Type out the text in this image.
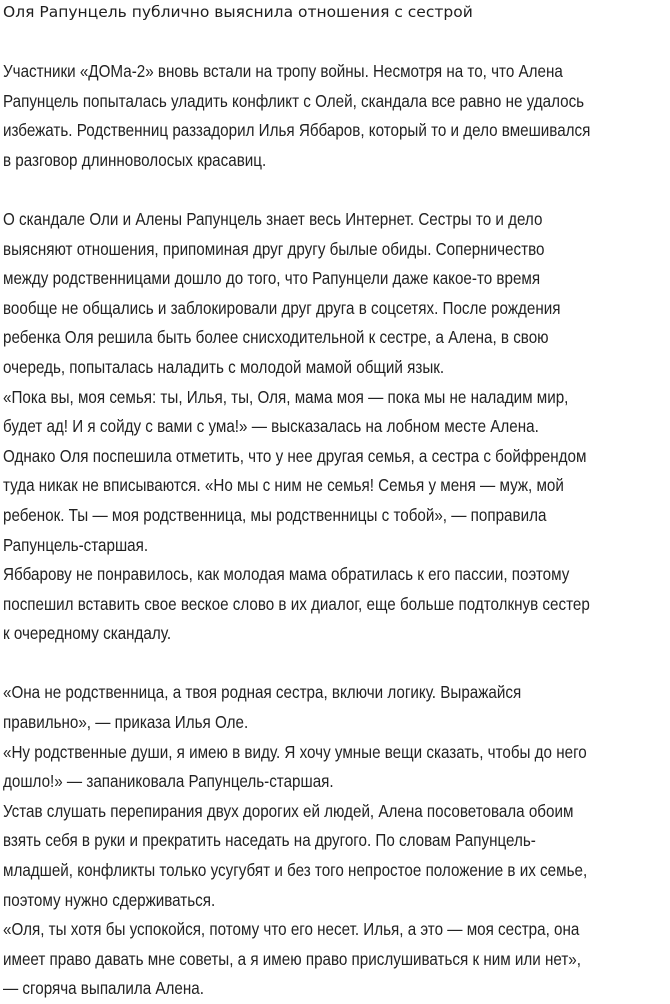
Оля Рапунцель публично выяснила отношения с сестрой
Участники «ДОМа-2» вновь встали на тропу войны. Несмотря на то, что Алена
Рапунцель попыталась уладить конфликт с Олей, скандала все равно не удалось
избежать. Родственниц раззадорил Илья Яббаров, который то и дело вмешивался
в разговор длинноволосых красавиц.
О скандале Оли и Алены Рапунцель знает весь Интернет. Сестры то и дело
выясняют отношения, припоминая друг другу былые обиды. Соперничество
между родственницами дошло до того, что Рапунцели даже какое-то время
вообще не общались и заблокировали друг друга в соцсетях. После рождения
ребенка Оля решила быть более снисходительной к сестре, а Алена, в свою
очередь, попыталась наладить с молодой мамой общий язык.
«Пока вы, моя семья: ты, Илья, ты, Оля, мама моя — пока мы не наладим мир,
будет ад! И я сойду с вами с ума!» — высказалась на лобном месте Алена.
Однако Оля поспешила отметить, что у нее другая семья, а сестра с бойфрендом
туда никак не вписываются. «Но мы с ним не семья! Семья у меня — муж, мой
ребенок. Ты — моя родственница, мы родственницы с тобой», — поправила
Рапунцель-старшая.
Яббарову не понравилось, как молодая мама обратилась к его пассии, поэтому
поспешил вставить свое веское слово в их диалог, еще больше подтолкнув сестер
к очередному скандалу.
«Она не родственница, а твоя родная сестра, включи логику. Выражайся
правильно», — приказа Илья Оле.
«Ну родственные души, я имею в виду. Я хочу умные вещи сказать, чтобы до него
дошло!» — запаниковала Рапунцель-старшая.
Устав слушать перепирания двух дорогих ей людей, Алена посоветовала обоим
взять себя в руки и прекратить наседать на другого. По словам Рапунцель-
младшей, конфликты только усугубят и без того непростое положение в их семье,
поэтому нужно сдерживаться.
«Оля, ты хотя бы успокойся, потому что его несет. Илья, а это — моя сестра, она
имеет право давать мне советы, а я имею право прислушиваться к ним или нет»,
— сгоряча выпалила Алена.
